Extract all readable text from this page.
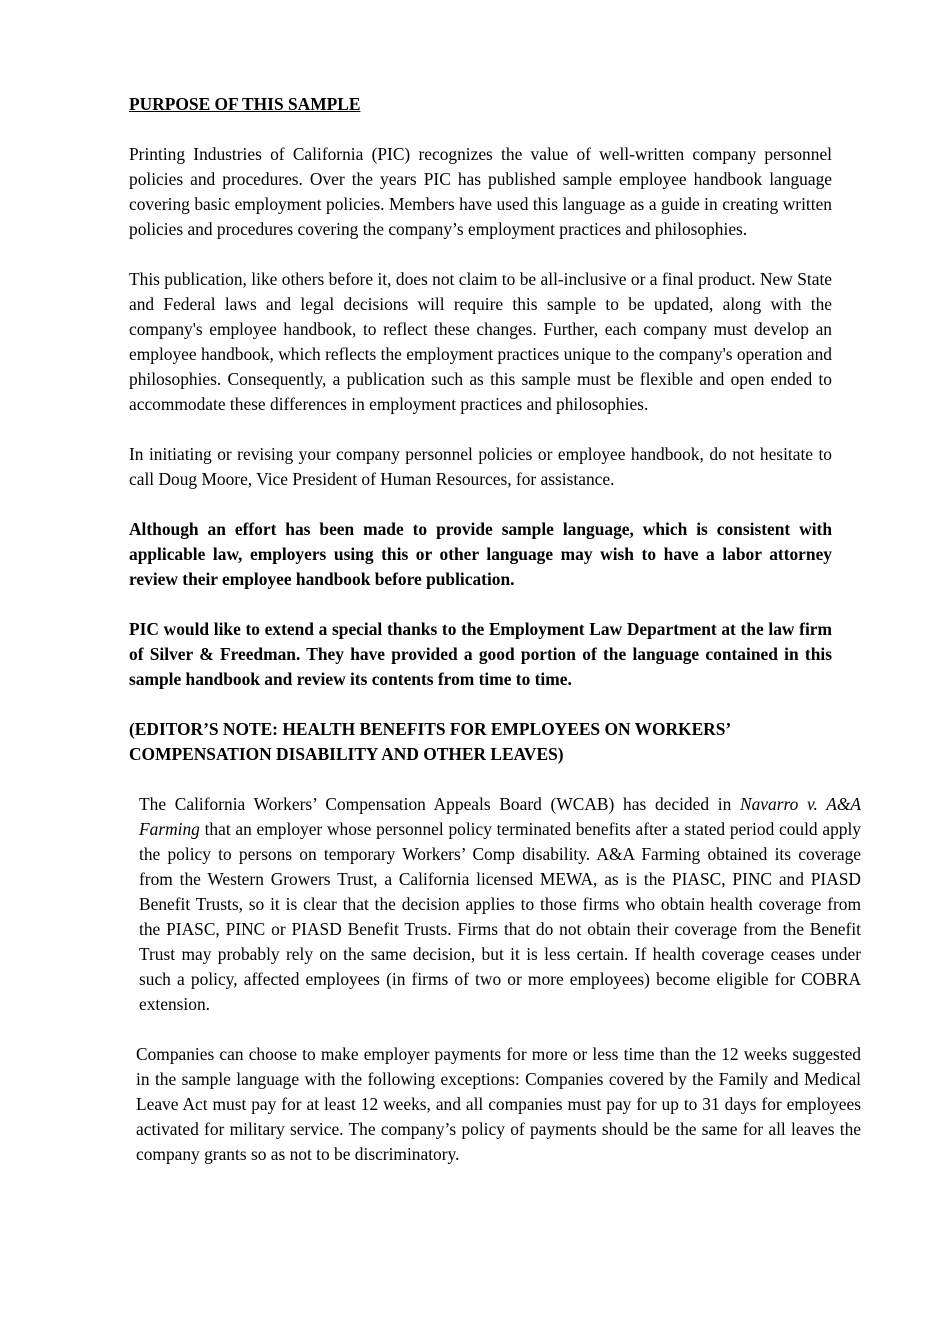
PURPOSE OF THIS SAMPLE

Printing Industries of California (PIC) recognizes the value of well-written company personnel policies and procedures. Over the years PIC has published sample employee handbook language covering basic employment policies. Members have used this language as a guide in creating written policies and procedures covering the company’s employment practices and philosophies.

This publication, like others before it, does not claim to be all-inclusive or a final product. New State and Federal laws and legal decisions will require this sample to be updated, along with the company's employee handbook, to reflect these changes. Further, each company must develop an employee handbook, which reflects the employment practices unique to the company's operation and philosophies. Consequently, a publication such as this sample must be flexible and open ended to accommodate these differences in employment practices and philosophies.

In initiating or revising your company personnel policies or employee handbook, do not hesitate to call Doug Moore, Vice President of Human Resources, for assistance.

Although an effort has been made to provide sample language, which is consistent with applicable law, employers using this or other language may wish to have a labor attorney review their employee handbook before publication.

PIC would like to extend a special thanks to the Employment Law Department at the law firm of Silver & Freedman. They have provided a good portion of the language contained in this sample handbook and review its contents from time to time.

(EDITOR’S NOTE: HEALTH BENEFITS FOR EMPLOYEES ON WORKERS’ COMPENSATION DISABILITY AND OTHER LEAVES)

The California Workers’ Compensation Appeals Board (WCAB) has decided in Navarro v. A&A Farming that an employer whose personnel policy terminated benefits after a stated period could apply the policy to persons on temporary Workers’ Comp disability. A&A Farming obtained its coverage from the Western Growers Trust, a California licensed MEWA, as is the PIASC, PINC and PIASD Benefit Trusts, so it is clear that the decision applies to those firms who obtain health coverage from the PIASC, PINC or PIASD Benefit Trusts. Firms that do not obtain their coverage from the Benefit Trust may probably rely on the same decision, but it is less certain. If health coverage ceases under such a policy, affected employees (in firms of two or more employees) become eligible for COBRA extension.

Companies can choose to make employer payments for more or less time than the 12 weeks suggested in the sample language with the following exceptions: Companies covered by the Family and Medical Leave Act must pay for at least 12 weeks, and all companies must pay for up to 31 days for employees activated for military service. The company’s policy of payments should be the same for all leaves the company grants so as not to be discriminatory.
